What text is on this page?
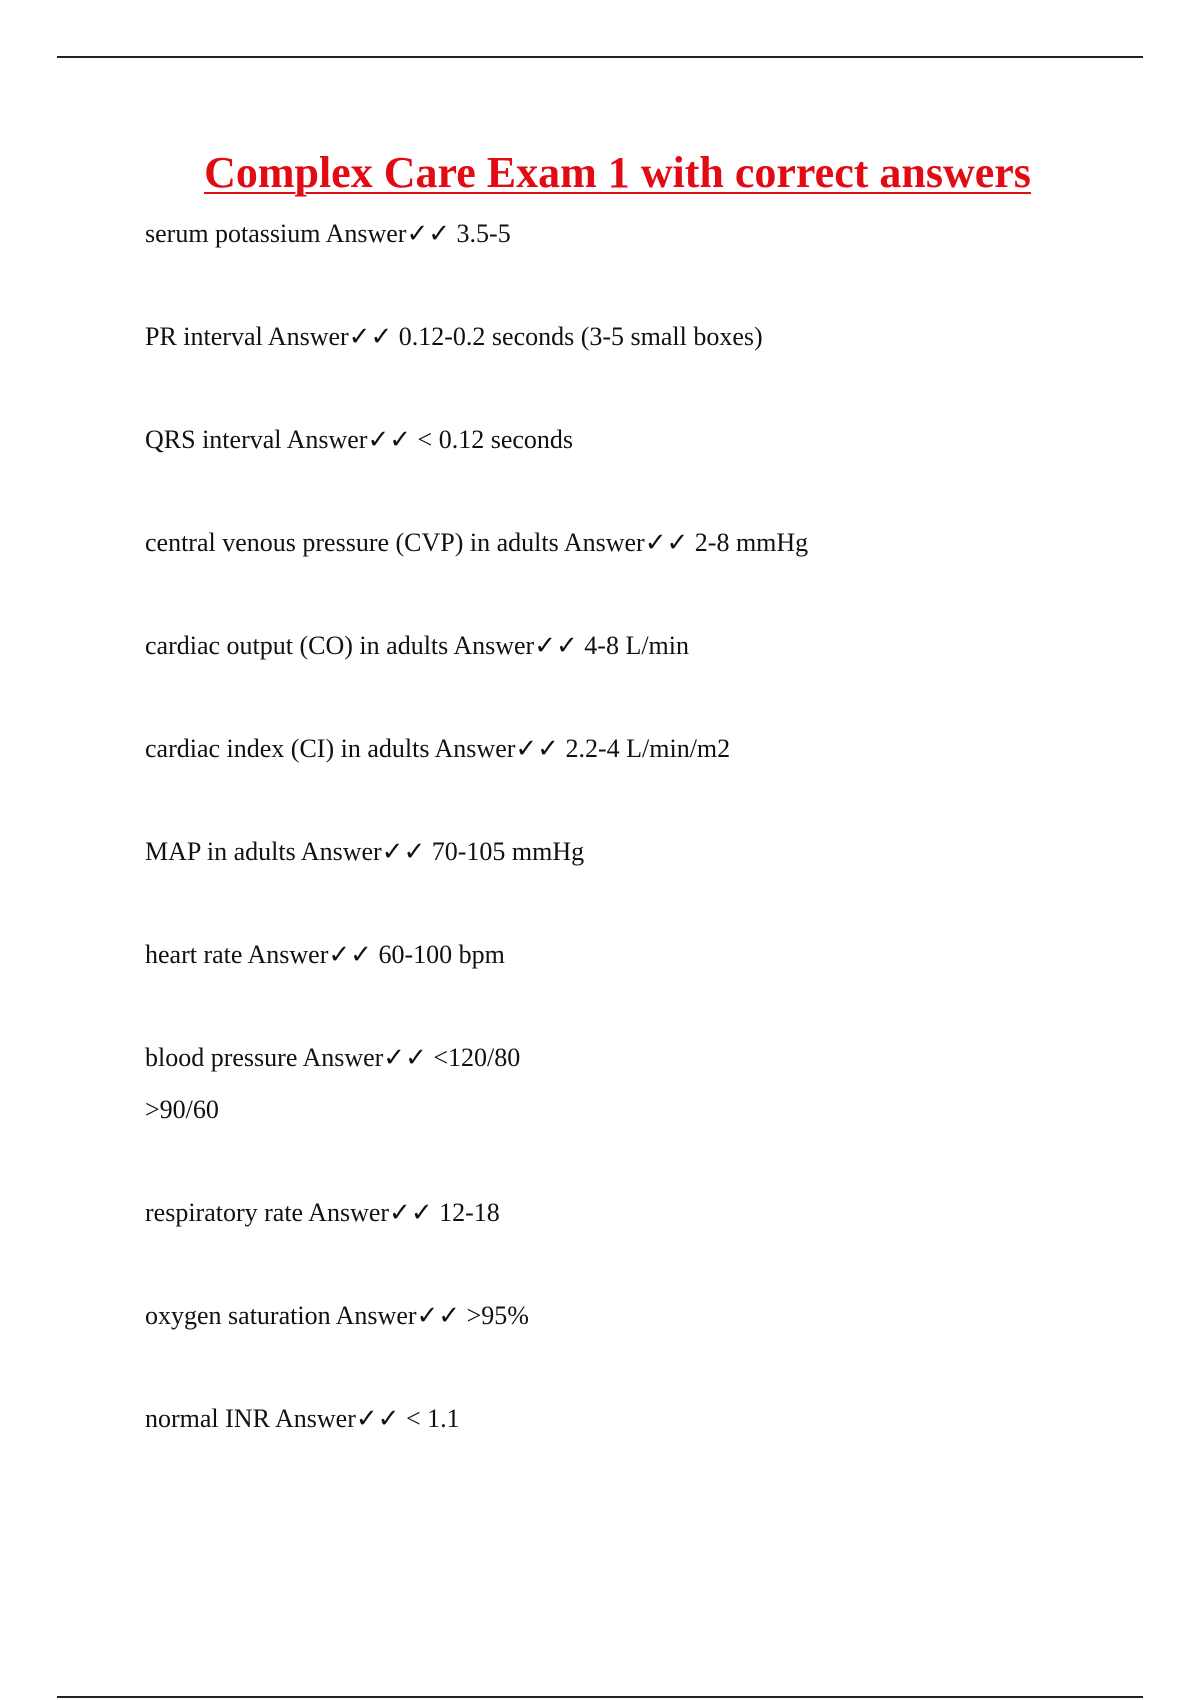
Complex Care Exam 1 with correct answers
serum potassium Answer✓✓ 3.5-5
PR interval Answer✓✓ 0.12-0.2 seconds (3-5 small boxes)
QRS interval Answer✓✓ < 0.12 seconds
central venous pressure (CVP) in adults Answer✓✓ 2-8 mmHg
cardiac output (CO) in adults Answer✓✓ 4-8 L/min
cardiac index (CI) in adults Answer✓✓ 2.2-4 L/min/m2
MAP in adults Answer✓✓ 70-105 mmHg
heart rate Answer✓✓ 60-100 bpm
blood pressure Answer✓✓ <120/80
>90/60
respiratory rate Answer✓✓ 12-18
oxygen saturation Answer✓✓ >95%
normal INR Answer✓✓ < 1.1
